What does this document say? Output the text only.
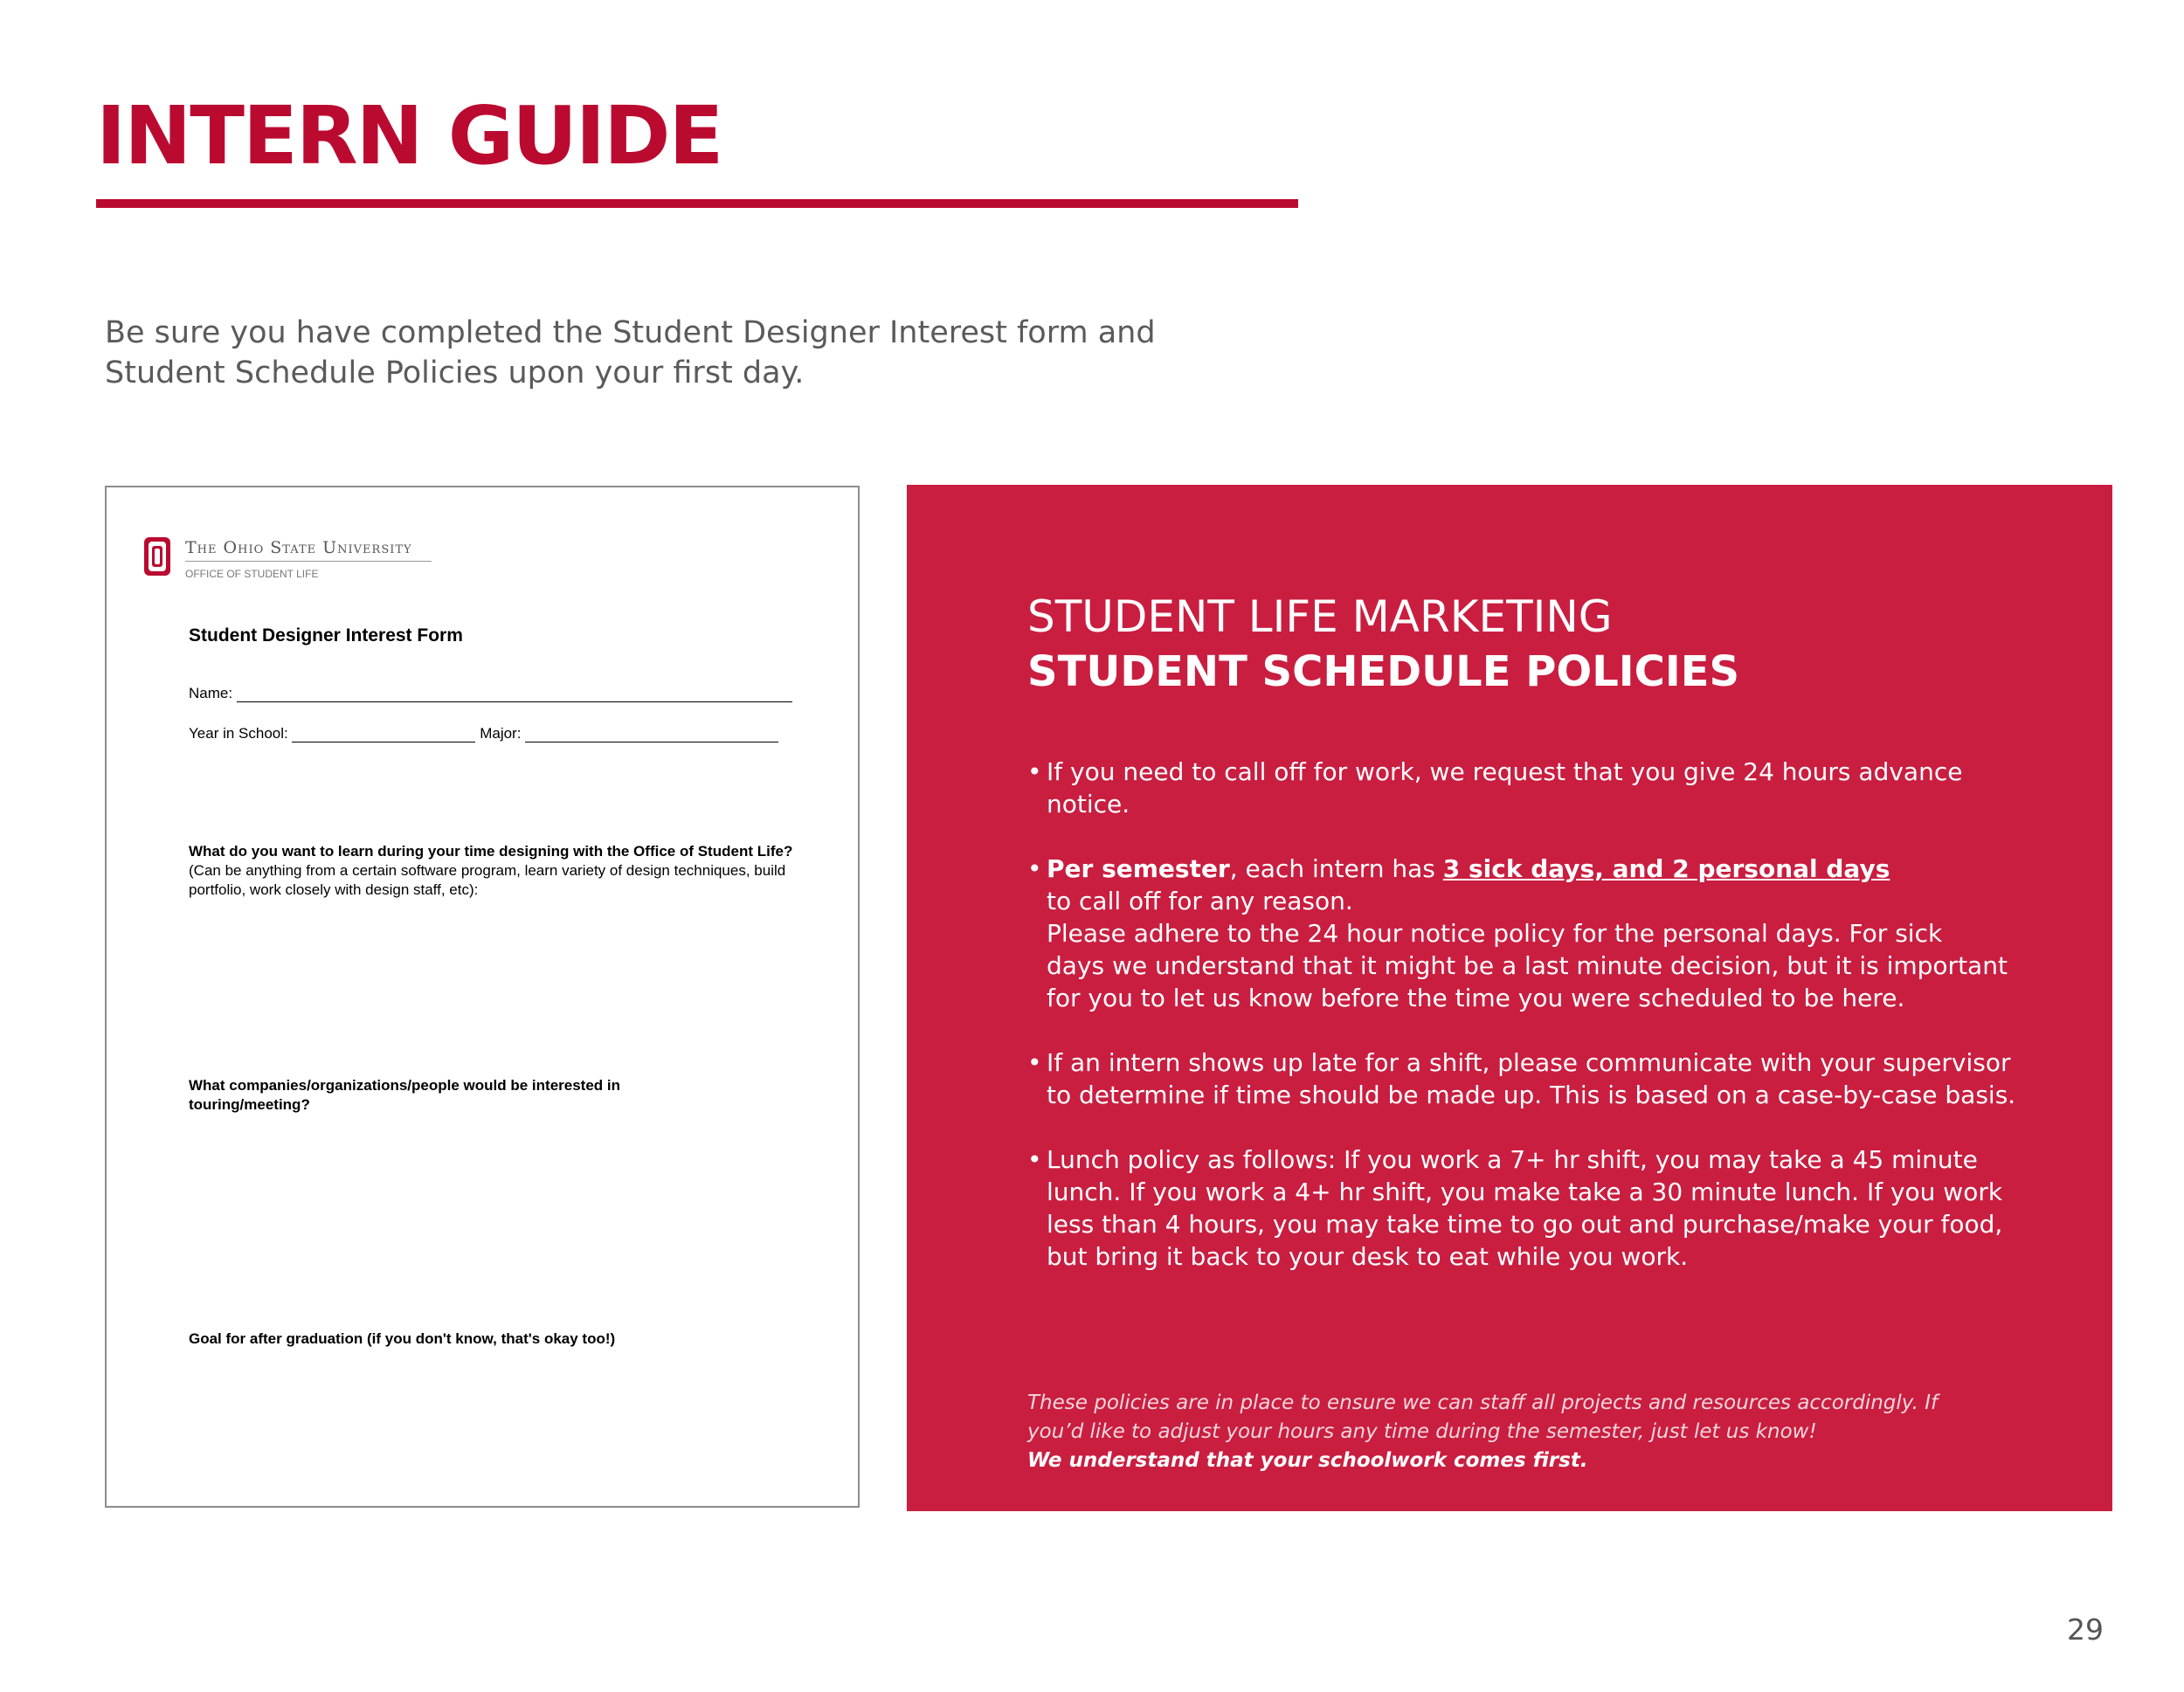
INTERN GUIDE

Be sure you have completed the Student Designer Interest form and
Student Schedule Policies upon your first day.

The Ohio State University
OFFICE OF STUDENT LIFE
Student Designer Interest Form
Name:
Year in School:	Major:

What do you want to learn during your time designing with the Office of Student Life? (Can be anything from a certain software program, learn variety of design techniques, build portfolio, work closely with design staff, etc):

What companies/organizations/people would be interested in touring/meeting?

Goal for after graduation (if you don't know, that's okay too!)

STUDENT LIFE MARKETING
STUDENT SCHEDULE POLICIES
• If you need to call off for work, we request that you give 24 hours advance
notice.
• Per semester, each intern has 3 sick days, and 2 personal days
to call off for any reason.
Please adhere to the 24 hour notice policy for the personal days. For sick
days we understand that it might be a last minute decision, but it is important
for you to let us know before the time you were scheduled to be here.
• If an intern shows up late for a shift, please communicate with your supervisor
to determine if time should be made up. This is based on a case-by-case basis.
• Lunch policy as follows: If you work a 7+ hr shift, you may take a 45 minute
lunch. If you work a 4+ hr shift, you make take a 30 minute lunch. If you work
less than 4 hours, you may take time to go out and purchase/make your food,
but bring it back to your desk to eat while you work.

These policies are in place to ensure we can staff all projects and resources accordingly. If
you’d like to adjust your hours any time during the semester, just let us know!
We understand that your schoolwork comes first.

29
